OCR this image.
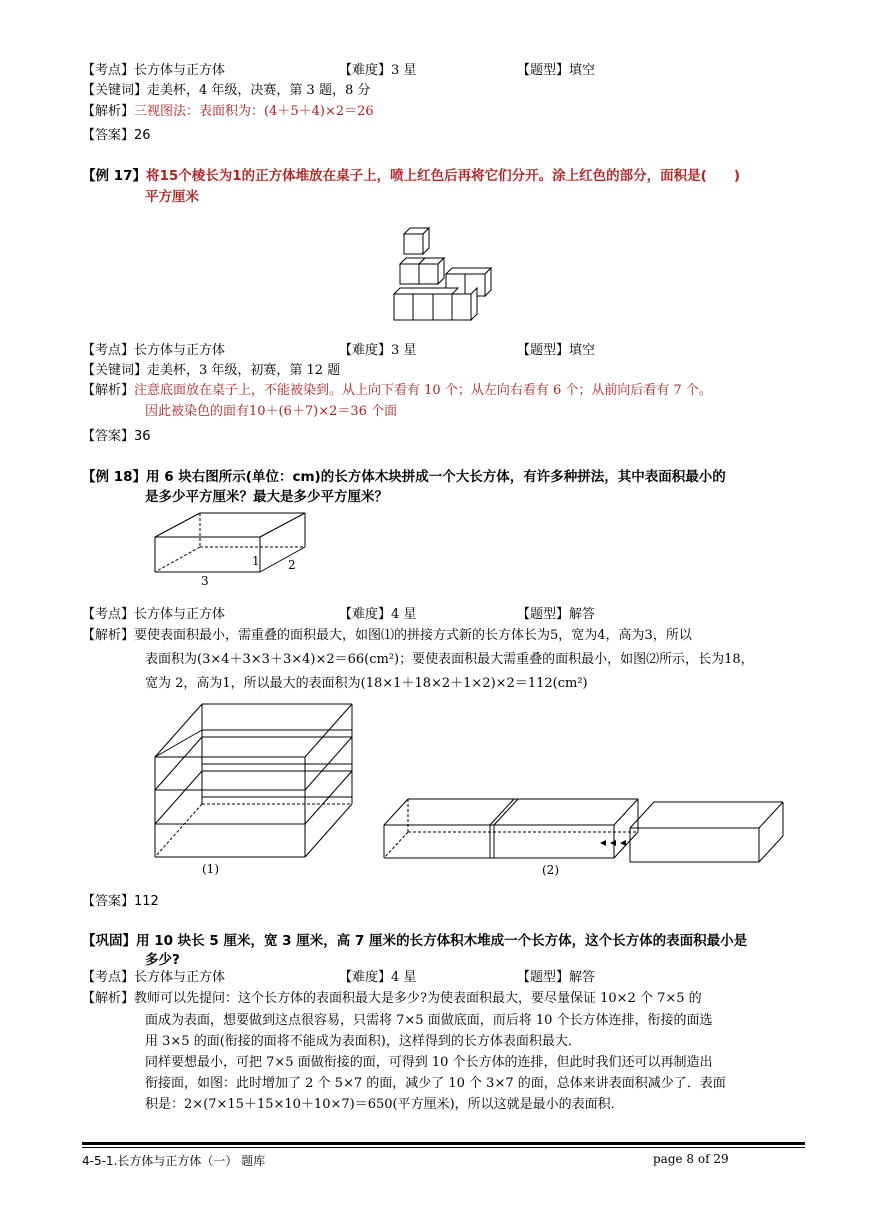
【考点】长方体与正方体	【难度】3 星	【题型】填空
【关键词】走美杯，4 年级，决赛，第 3 题，8 分
【解析】三视图法：表面积为：(4＋5＋4)×2＝26
【答案】26
【例 17】将15个棱长为1的正方体堆放在桌子上，喷上红色后再将它们分开。涂上红色的部分，面积是(　　)
平方厘米
【考点】长方体与正方体	【难度】3 星	【题型】填空
【关键词】走美杯，3 年级，初赛，第 12 题
【解析】注意底面放在桌子上，不能被染到。从上向下看有 10 个；从左向右看有 6 个；从前向后看有 7 个。
因此被染色的面有10＋(6＋7)×2＝36 个面
【答案】36
【例 18】用 6 块右图所示(单位：cm)的长方体木块拼成一个大长方体，有许多种拼法，其中表面积最小的
是多少平方厘米？最大是多少平方厘米？
3
1 2
【考点】长方体与正方体	【难度】4 星	【题型】解答
【解析】要使表面积最小，需重叠的面积最大，如图⑴的拼接方式新的长方体长为5，宽为4，高为3，所以
表面积为(3×4＋3×3＋3×4)×2＝66(cm²)；要使表面积最大需重叠的面积最小，如图⑵所示，长为18，
宽为 2，高为1，所以最大的表面积为(18×1＋18×2＋1×2)×2＝112(cm²)
(1)	(2)
【答案】112
【巩固】用 10 块长 5 厘米，宽 3 厘米，高 7 厘米的长方体积木堆成一个长方体，这个长方体的表面积最小是
多少?
【考点】长方体与正方体	【难度】4 星	【题型】解答
【解析】教师可以先提问：这个长方体的表面积最大是多少?为使表面积最大，要尽量保证 10×2 个 7×5 的
面成为表面，想要做到这点很容易，只需将 7×5 面做底面，而后将 10 个长方体连排，衔接的面选
用 3×5 的面(衔接的面将不能成为表面积)，这样得到的长方体表面积最大．
同样要想最小，可把 7×5 面做衔接的面，可得到 10 个长方体的连排，但此时我们还可以再制造出
衔接面，如图：此时增加了 2 个 5×7 的面，减少了 10 个 3×7 的面，总体来讲表面积减少了．表面
积是：2×(7×15＋15×10＋10×7)＝650(平方厘米)，所以这就是最小的表面积．
4-5-1.长方体与正方体（一） 题库	page 8 of 29
